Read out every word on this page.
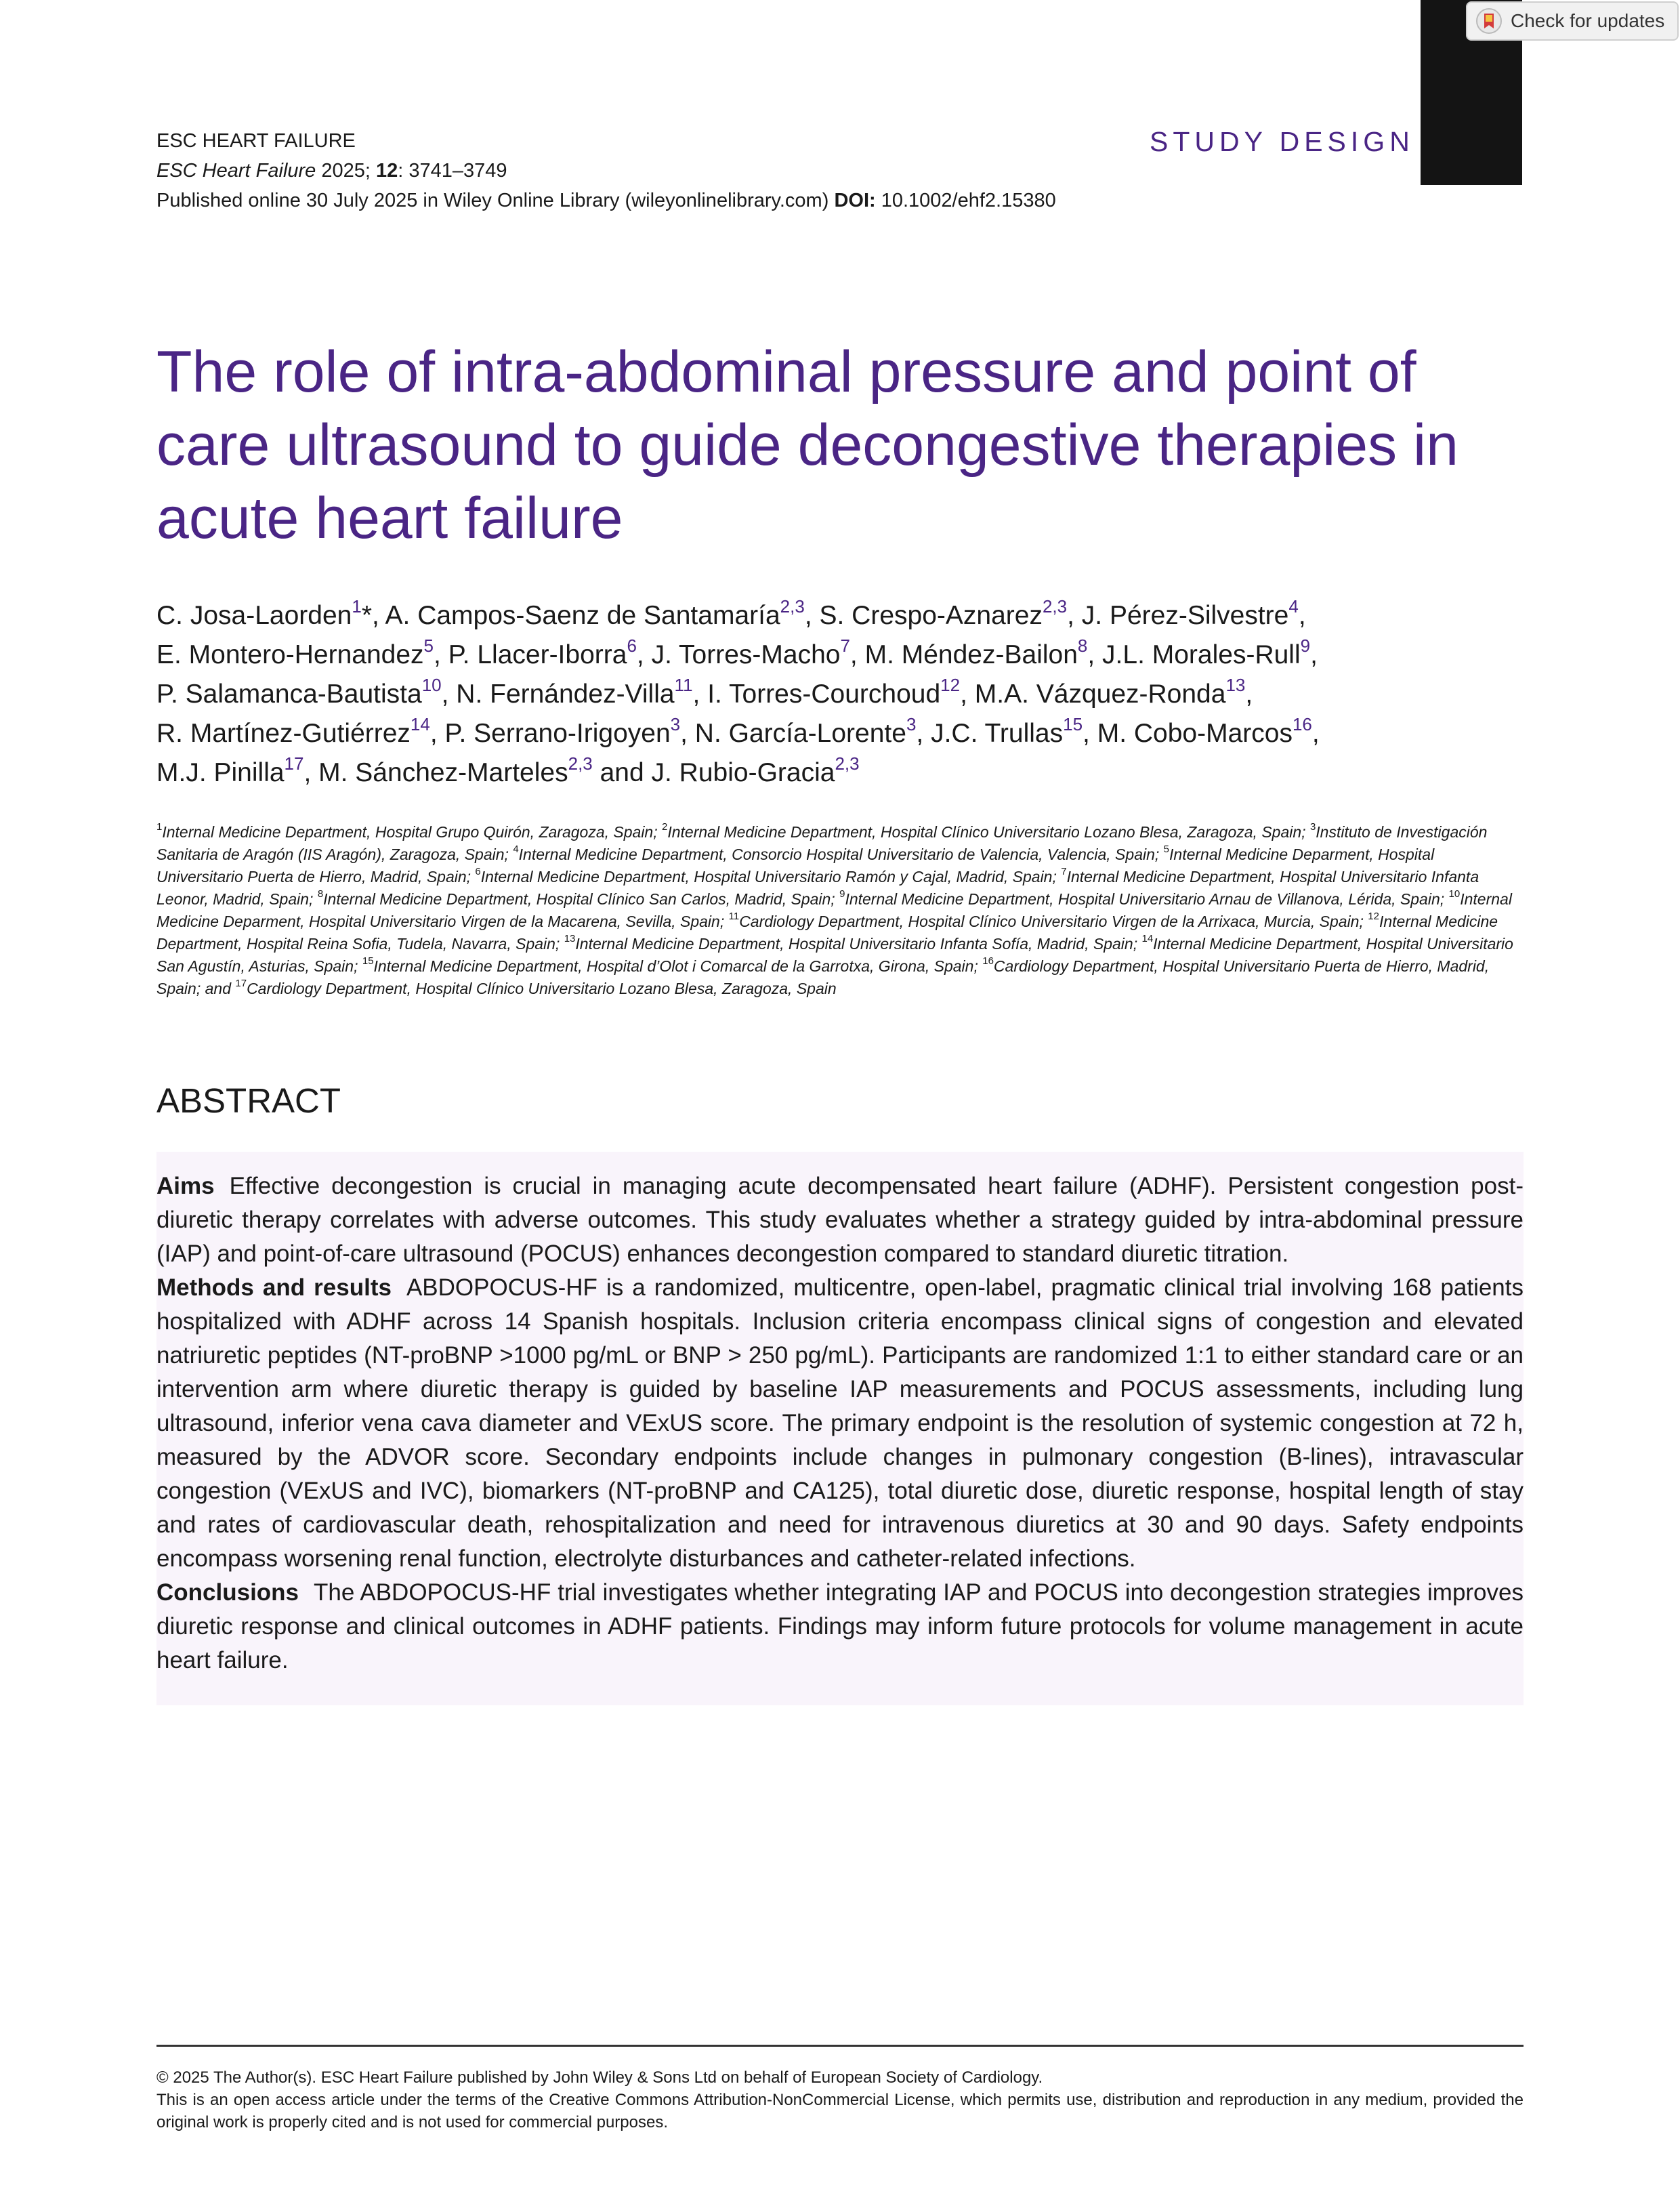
Check for updates
ESC HEART FAILURE
ESC Heart Failure 2025; 12: 3741–3749
Published online 30 July 2025 in Wiley Online Library (wileyonlinelibrary.com) DOI: 10.1002/ehf2.15380
STUDY DESIGN
The role of intra-abdominal pressure and point of care ultrasound to guide decongestive therapies in acute heart failure
C. Josa-Laorden$^1$*, A. Campos-Saenz de Santamaría$^{2,3}$, S. Crespo-Aznarez$^{2,3}$, J. Pérez-Silvestre$^4$,
E. Montero-Hernandez$^5$, P. Llacer-Iborra$^6$, J. Torres-Macho$^7$, M. Méndez-Bailon$^8$, J.L. Morales-Rull$^9$,
P. Salamanca-Bautista$^{10}$, N. Fernández-Villa$^{11}$, I. Torres-Courchoud$^{12}$, M.A. Vázquez-Ronda$^{13}$,
R. Martínez-Gutiérrez$^{14}$, P. Serrano-Irigoyen$^3$, N. García-Lorente$^3$, J.C. Trullas$^{15}$, M. Cobo-Marcos$^{16}$,
M.J. Pinilla$^{17}$, M. Sánchez-Marteles$^{2,3}$ and J. Rubio-Gracia$^{2,3}$
$^1$Internal Medicine Department, Hospital Grupo Quirón, Zaragoza, Spain; $^2$Internal Medicine Department, Hospital Clínico Universitario Lozano Blesa, Zaragoza, Spain; $^3$Instituto de Investigación Sanitaria de Aragón (IIS Aragón), Zaragoza, Spain; $^4$Internal Medicine Department, Consorcio Hospital Universitario de Valencia, Valencia, Spain; $^5$Internal Medicine Deparment, Hospital Universitario Puerta de Hierro, Madrid, Spain; $^6$Internal Medicine Department, Hospital Universitario Ramón y Cajal, Madrid, Spain; $^7$Internal Medicine Department, Hospital Universitario Infanta Leonor, Madrid, Spain; $^8$Internal Medicine Department, Hospital Clínico San Carlos, Madrid, Spain; $^9$Internal Medicine Department, Hospital Universitario Arnau de Villanova, Lérida, Spain; $^{10}$Internal Medicine Deparment, Hospital Universitario Virgen de la Macarena, Sevilla, Spain; $^{11}$Cardiology Department, Hospital Clínico Universitario Virgen de la Arrixaca, Murcia, Spain; $^{12}$Internal Medicine Department, Hospital Reina Sofia, Tudela, Navarra, Spain; $^{13}$Internal Medicine Department, Hospital Universitario Infanta Sofía, Madrid, Spain; $^{14}$Internal Medicine Department, Hospital Universitario San Agustín, Asturias, Spain; $^{15}$Internal Medicine Department, Hospital d’Olot i Comarcal de la Garrotxa, Girona, Spain; $^{16}$Cardiology Department, Hospital Universitario Puerta de Hierro, Madrid, Spain; and $^{17}$Cardiology Department, Hospital Clínico Universitario Lozano Blesa, Zaragoza, Spain
ABSTRACT

Aims Effective decongestion is crucial in managing acute decompensated heart failure (ADHF). Persistent congestion post-diuretic therapy correlates with adverse outcomes. This study evaluates whether a strategy guided by intra-abdominal pressure (IAP) and point-of-care ultrasound (POCUS) enhances decongestion compared to standard diuretic titration.

Methods and results ABDOPOCUS-HF is a randomized, multicentre, open-label, pragmatic clinical trial involving 168 patients hospitalized with ADHF across 14 Spanish hospitals. Inclusion criteria encompass clinical signs of congestion and elevated natriuretic peptides (NT-proBNP >1000 pg/mL or BNP > 250 pg/mL). Participants are randomized 1:1 to either standard care or an intervention arm where diuretic therapy is guided by baseline IAP measurements and POCUS assessments, including lung ultrasound, inferior vena cava diameter and VExUS score. The primary endpoint is the resolution of systemic congestion at 72 h, measured by the ADVOR score. Secondary endpoints include changes in pulmonary congestion (B-lines), intravascular congestion (VExUS and IVC), biomarkers (NT-proBNP and CA125), total diuretic dose, diuretic response, hospital length of stay and rates of cardiovascular death, rehospitalization and need for intravenous diuretics at 30 and 90 days. Safety endpoints encompass worsening renal function, electrolyte disturbances and catheter-related infections.

Conclusions The ABDOPOCUS-HF trial investigates whether integrating IAP and POCUS into decongestion strategies improves diuretic response and clinical outcomes in ADHF patients. Findings may inform future protocols for volume management in acute heart failure.

© 2025 The Author(s). ESC Heart Failure published by John Wiley & Sons Ltd on behalf of European Society of Cardiology.

This is an open access article under the terms of the Creative Commons Attribution-NonCommercial License, which permits use, distribution and reproduction in any medium, provided the original work is properly cited and is not used for commercial purposes.
